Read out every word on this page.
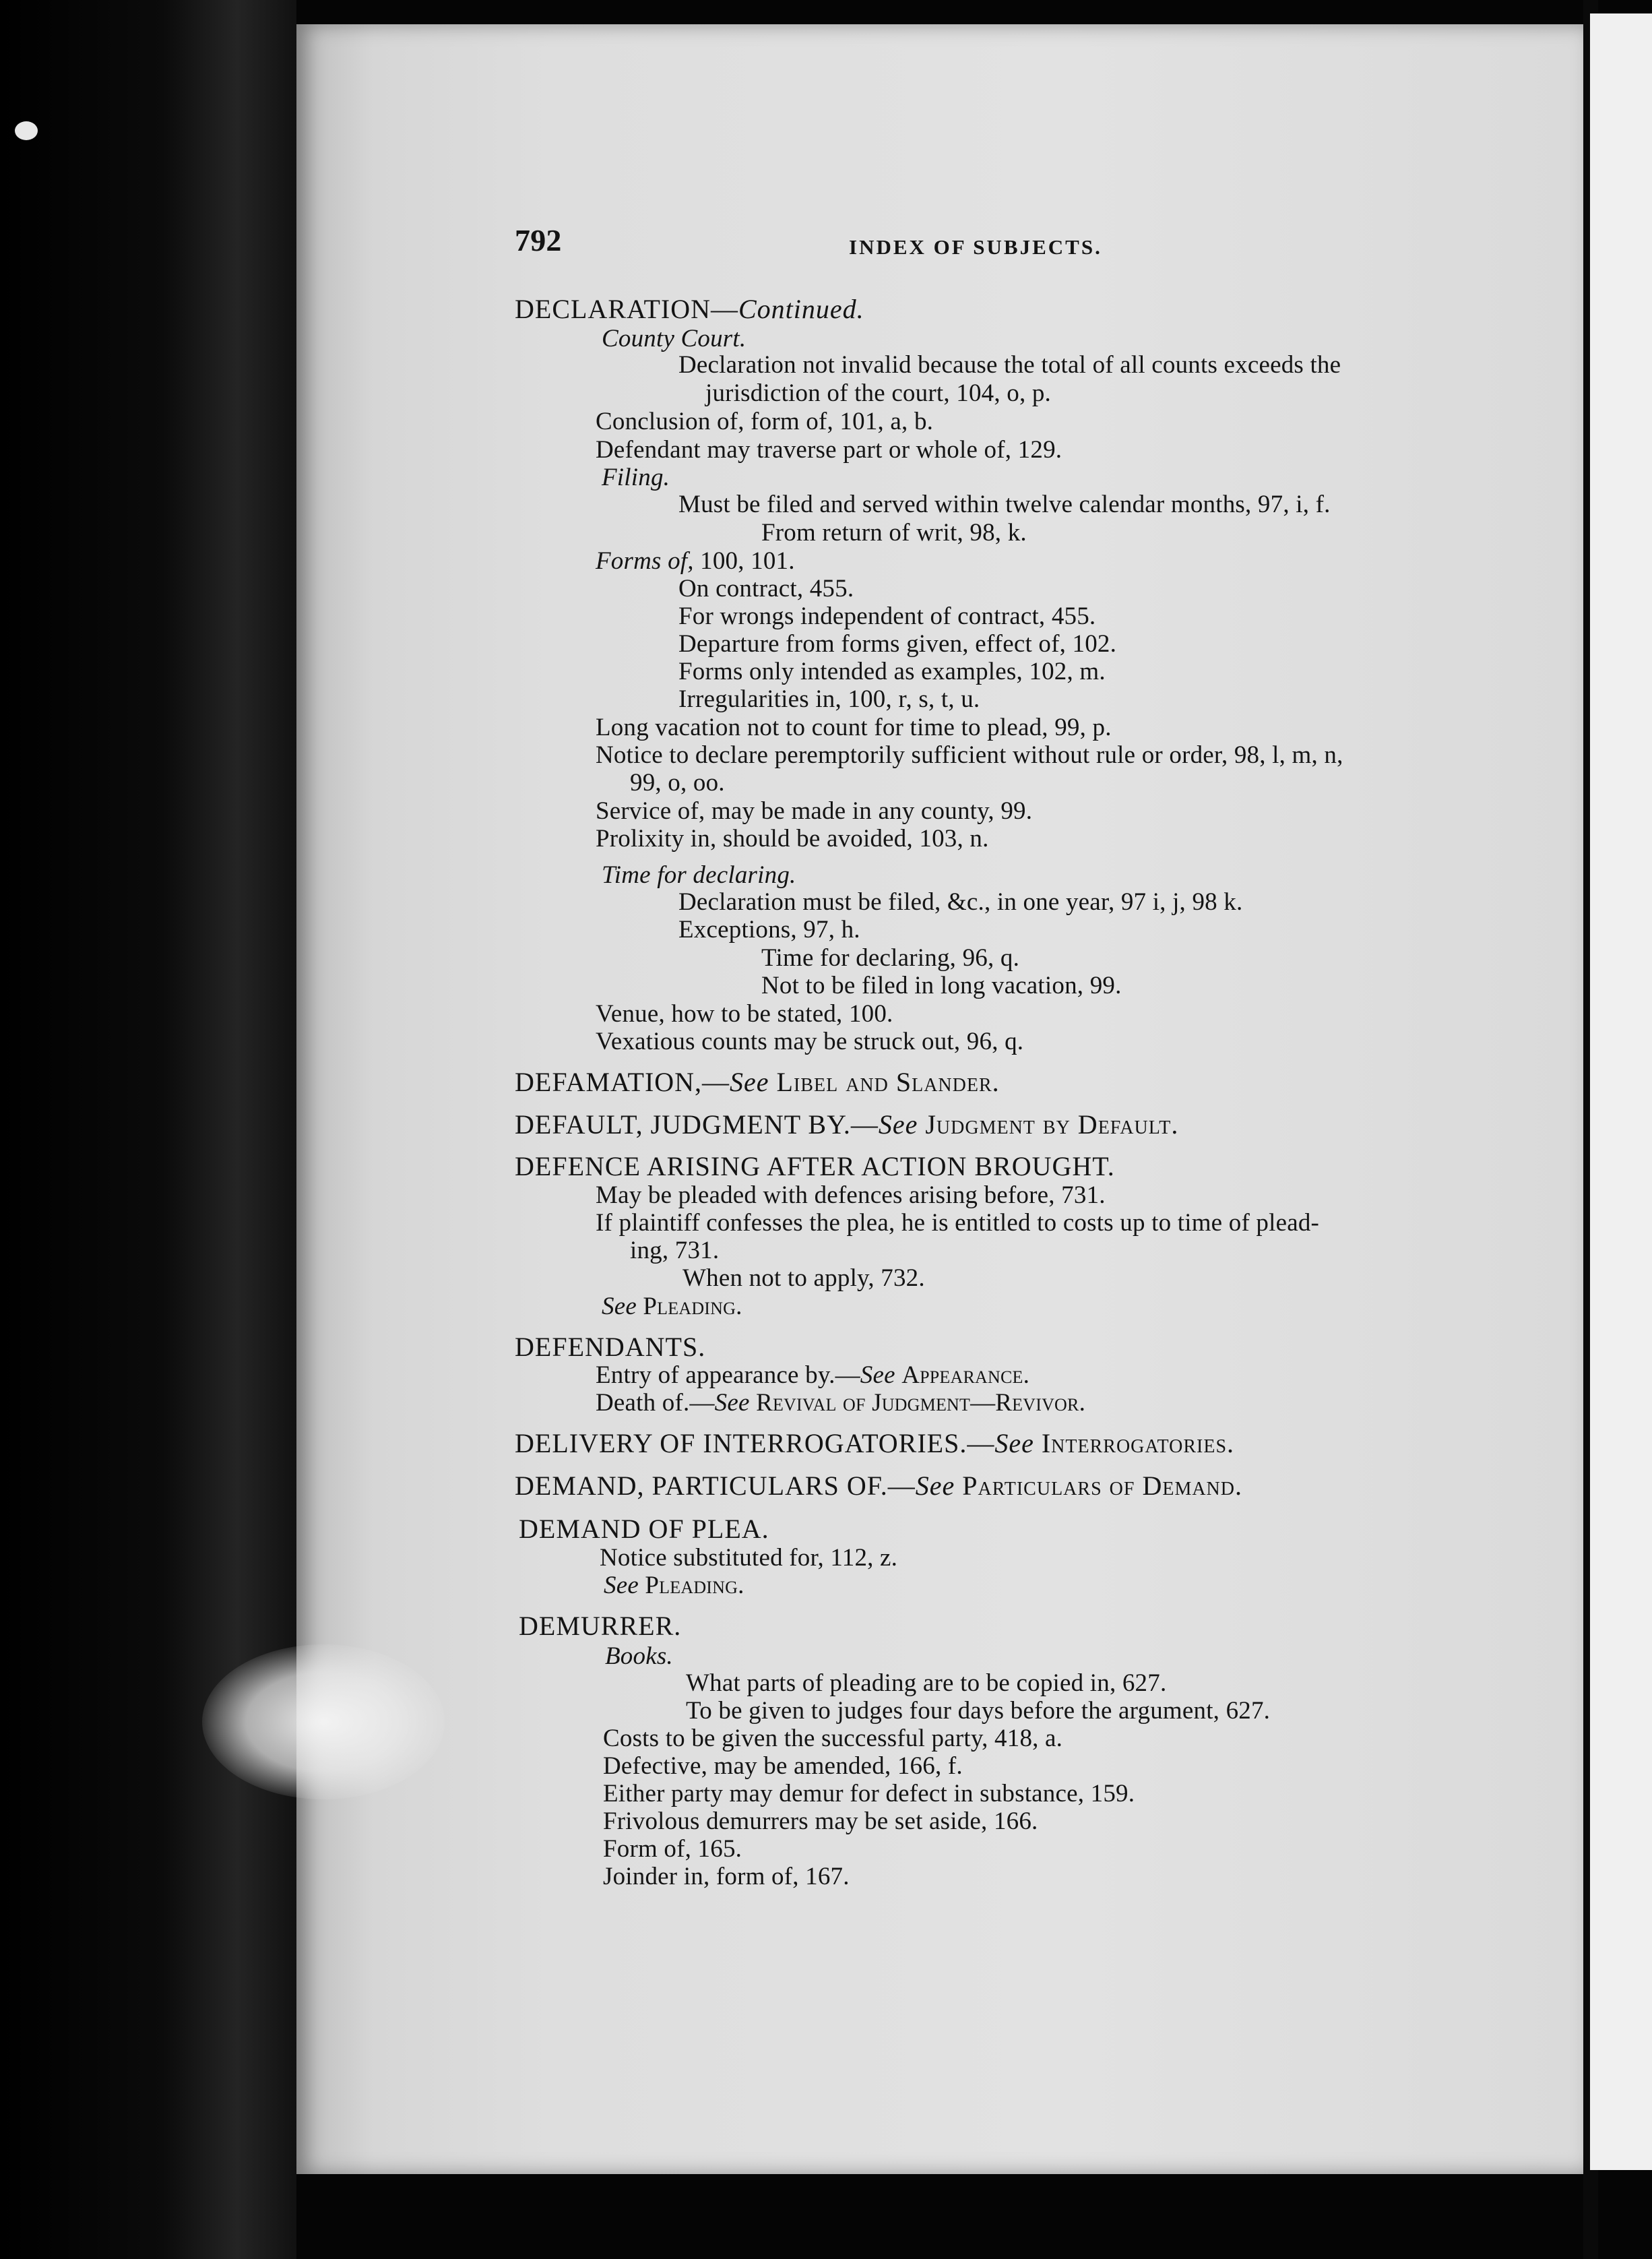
792	INDEX OF SUBJECTS.
DECLARATION—Continued.
County Court.
Declaration not invalid because the total of all counts exceeds the
jurisdiction of the court, 104, o, p.
Conclusion of, form of, 101, a, b.
Defendant may traverse part or whole of, 129.
Filing.
Must be filed and served within twelve calendar months, 97, i, f.
From return of writ, 98, k.
Forms of, 100, 101.
On contract, 455.
For wrongs independent of contract, 455.
Departure from forms given, effect of, 102.
Forms only intended as examples, 102, m.
Irregularities in, 100, r, s, t, u.
Long vacation not to count for time to plead, 99, p.
Notice to declare peremptorily sufficient without rule or order, 98, l, m, n,
99, o, oo.
Service of, may be made in any county, 99.
Prolixity in, should be avoided, 103, n.
Time for declaring.
Declaration must be filed, &c., in one year, 97 i, j, 98 k.
Exceptions, 97, h.
Time for declaring, 96, q.
Not to be filed in long vacation, 99.
Venue, how to be stated, 100.
Vexatious counts may be struck out, 96, q.
DEFAMATION,—See Libel and Slander.
DEFAULT, JUDGMENT BY.—See Judgment by Default.
DEFENCE ARISING AFTER ACTION BROUGHT.
May be pleaded with defences arising before, 731.
If plaintiff confesses the plea, he is entitled to costs up to time of plead-
ing, 731.
When not to apply, 732.
See Pleading.
DEFENDANTS.
Entry of appearance by.—See Appearance.
Death of.—See Revival of Judgment—Revivor.
DELIVERY OF INTERROGATORIES.—See Interrogatories.
DEMAND, PARTICULARS OF.—See Particulars of Demand.
DEMAND OF PLEA.
Notice substituted for, 112, z.
See Pleading.
DEMURRER.
Books.
What parts of pleading are to be copied in, 627.
To be given to judges four days before the argument, 627.
Costs to be given the successful party, 418, a.
Defective, may be amended, 166, f.
Either party may demur for defect in substance, 159.
Frivolous demurrers may be set aside, 166.
Form of, 165.
Joinder in, form of, 167.
